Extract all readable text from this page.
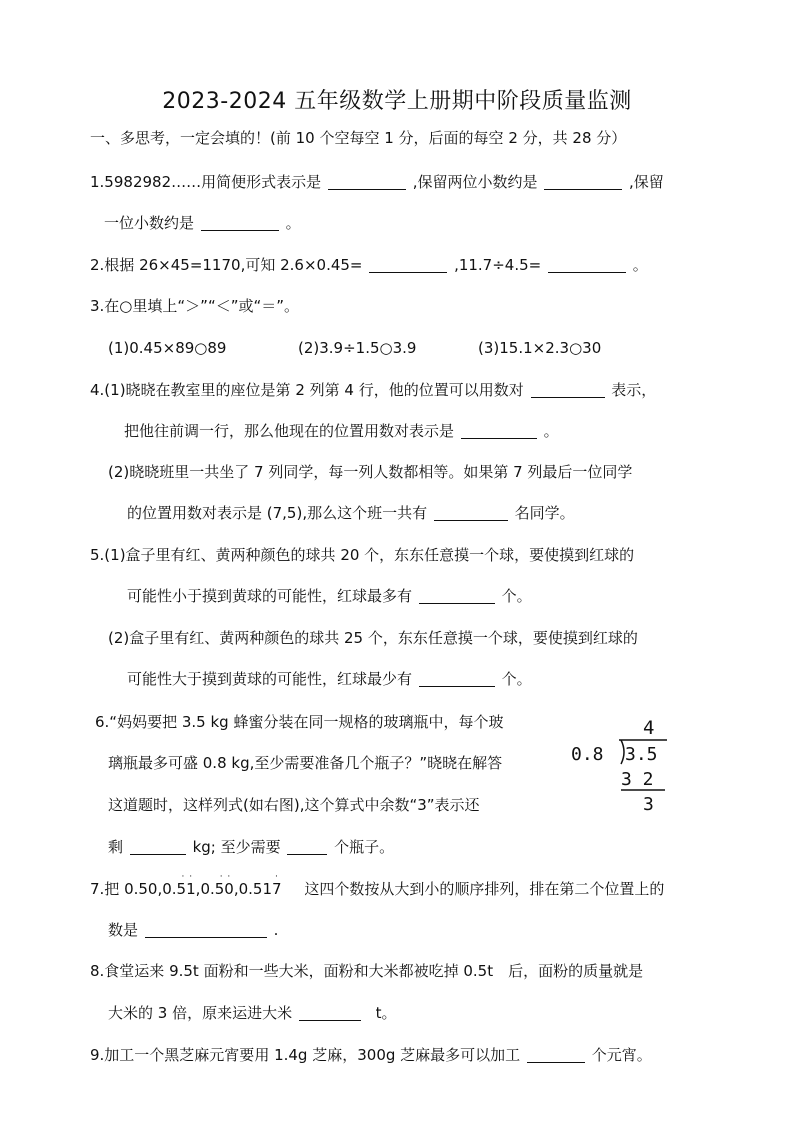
2023-2024 五年级数学上册期中阶段质量监测
一、多思考，一定会填的！(前 10 个空每空 1 分，后面的每空 2 分，共 28 分）
1.5982982……用简便形式表示是	,保留两位小数约是	,保留
一位小数约是	。
2.根据 26×45=1170,可知 2.6×0.45=	,11.7÷4.5=	。
3.在○里填上“＞”“＜”或“＝”。
(1)0.45×89○89	(2)3.9÷1.5○3.9	(3)15.1×2.3○30
4.(1)晓晓在教室里的座位是第 2 列第 4 行，他的位置可以用数对	表示，
把他往前调一行，那么他现在的位置用数对表示是	。
(2)晓晓班里一共坐了 7 列同学，每一列人数都相等。如果第 7 列最后一位同学
的位置用数对表示是 (7,5),那么这个班一共有	名同学。
5.(1)盒子里有红、黄两种颜色的球共 20 个，东东任意摸一个球，要使摸到红球的
可能性小于摸到黄球的可能性，红球最多有	个。
(2)盒子里有红、黄两种颜色的球共 25 个，东东任意摸一个球，要使摸到红球的
可能性大于摸到黄球的可能性，红球最少有	个。
6.“妈妈要把 3.5 kg 蜂蜜分装在同一规格的玻璃瓶中，每个玻
璃瓶最多可盛 0.8 kg,至少需要准备几个瓶子？”晓晓在解答
这道题时，这样列式(如右图),这个算式中余数“3”表示还
剩	kg; 至少需要	个瓶子。
4
0.8 3.5
3 2
3
7.把 0.50,0.51
· ·
,0.50
· ·
,0.517
·
这四个数按从大到小的顺序排列，排在第二个位置上的
数是	.
8.食堂运来 9.5t 面粉和一些大米，面粉和大米都被吃掉 0.5t　后，面粉的质量就是
大米的 3 倍，原来运进大米	t。
9.加工一个黑芝麻元宵要用 1.4g 芝麻，300g 芝麻最多可以加工	个元宵。
